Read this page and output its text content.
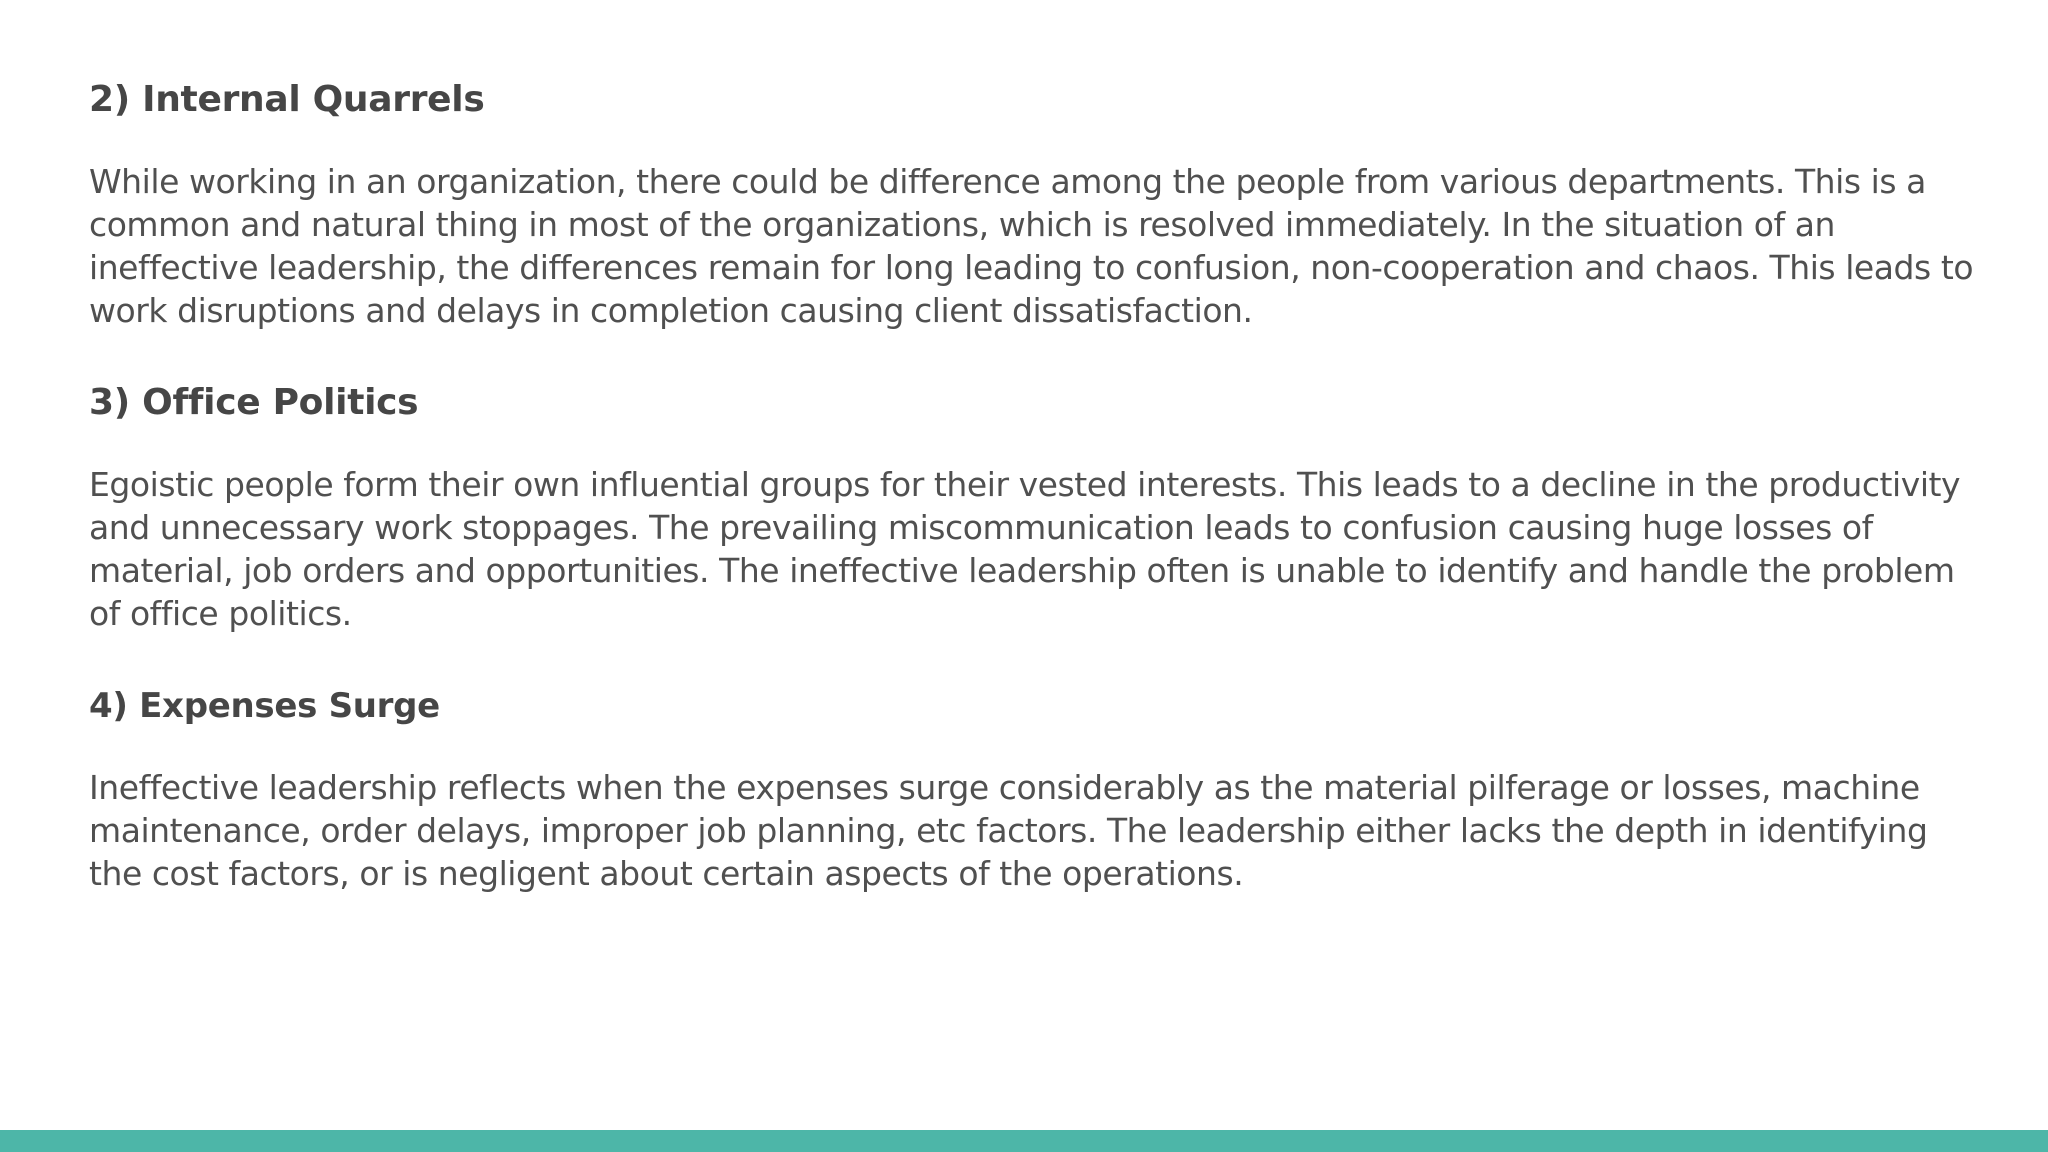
2) Internal Quarrels

While working in an organization, there could be difference among the people from various departments. This is a
common and natural thing in most of the organizations, which is resolved immediately. In the situation of an
ineffective leadership, the differences remain for long leading to confusion, non-cooperation and chaos. This leads to
work disruptions and delays in completion causing client dissatisfaction.

3) Office Politics

Egoistic people form their own influential groups for their vested interests. This leads to a decline in the productivity
and unnecessary work stoppages. The prevailing miscommunication leads to confusion causing huge losses of
material, job orders and opportunities. The ineffective leadership often is unable to identify and handle the problem
of office politics.

4) Expenses Surge

Ineffective leadership reflects when the expenses surge considerably as the material pilferage or losses, machine
maintenance, order delays, improper job planning, etc factors. The leadership either lacks the depth in identifying
the cost factors, or is negligent about certain aspects of the operations.
